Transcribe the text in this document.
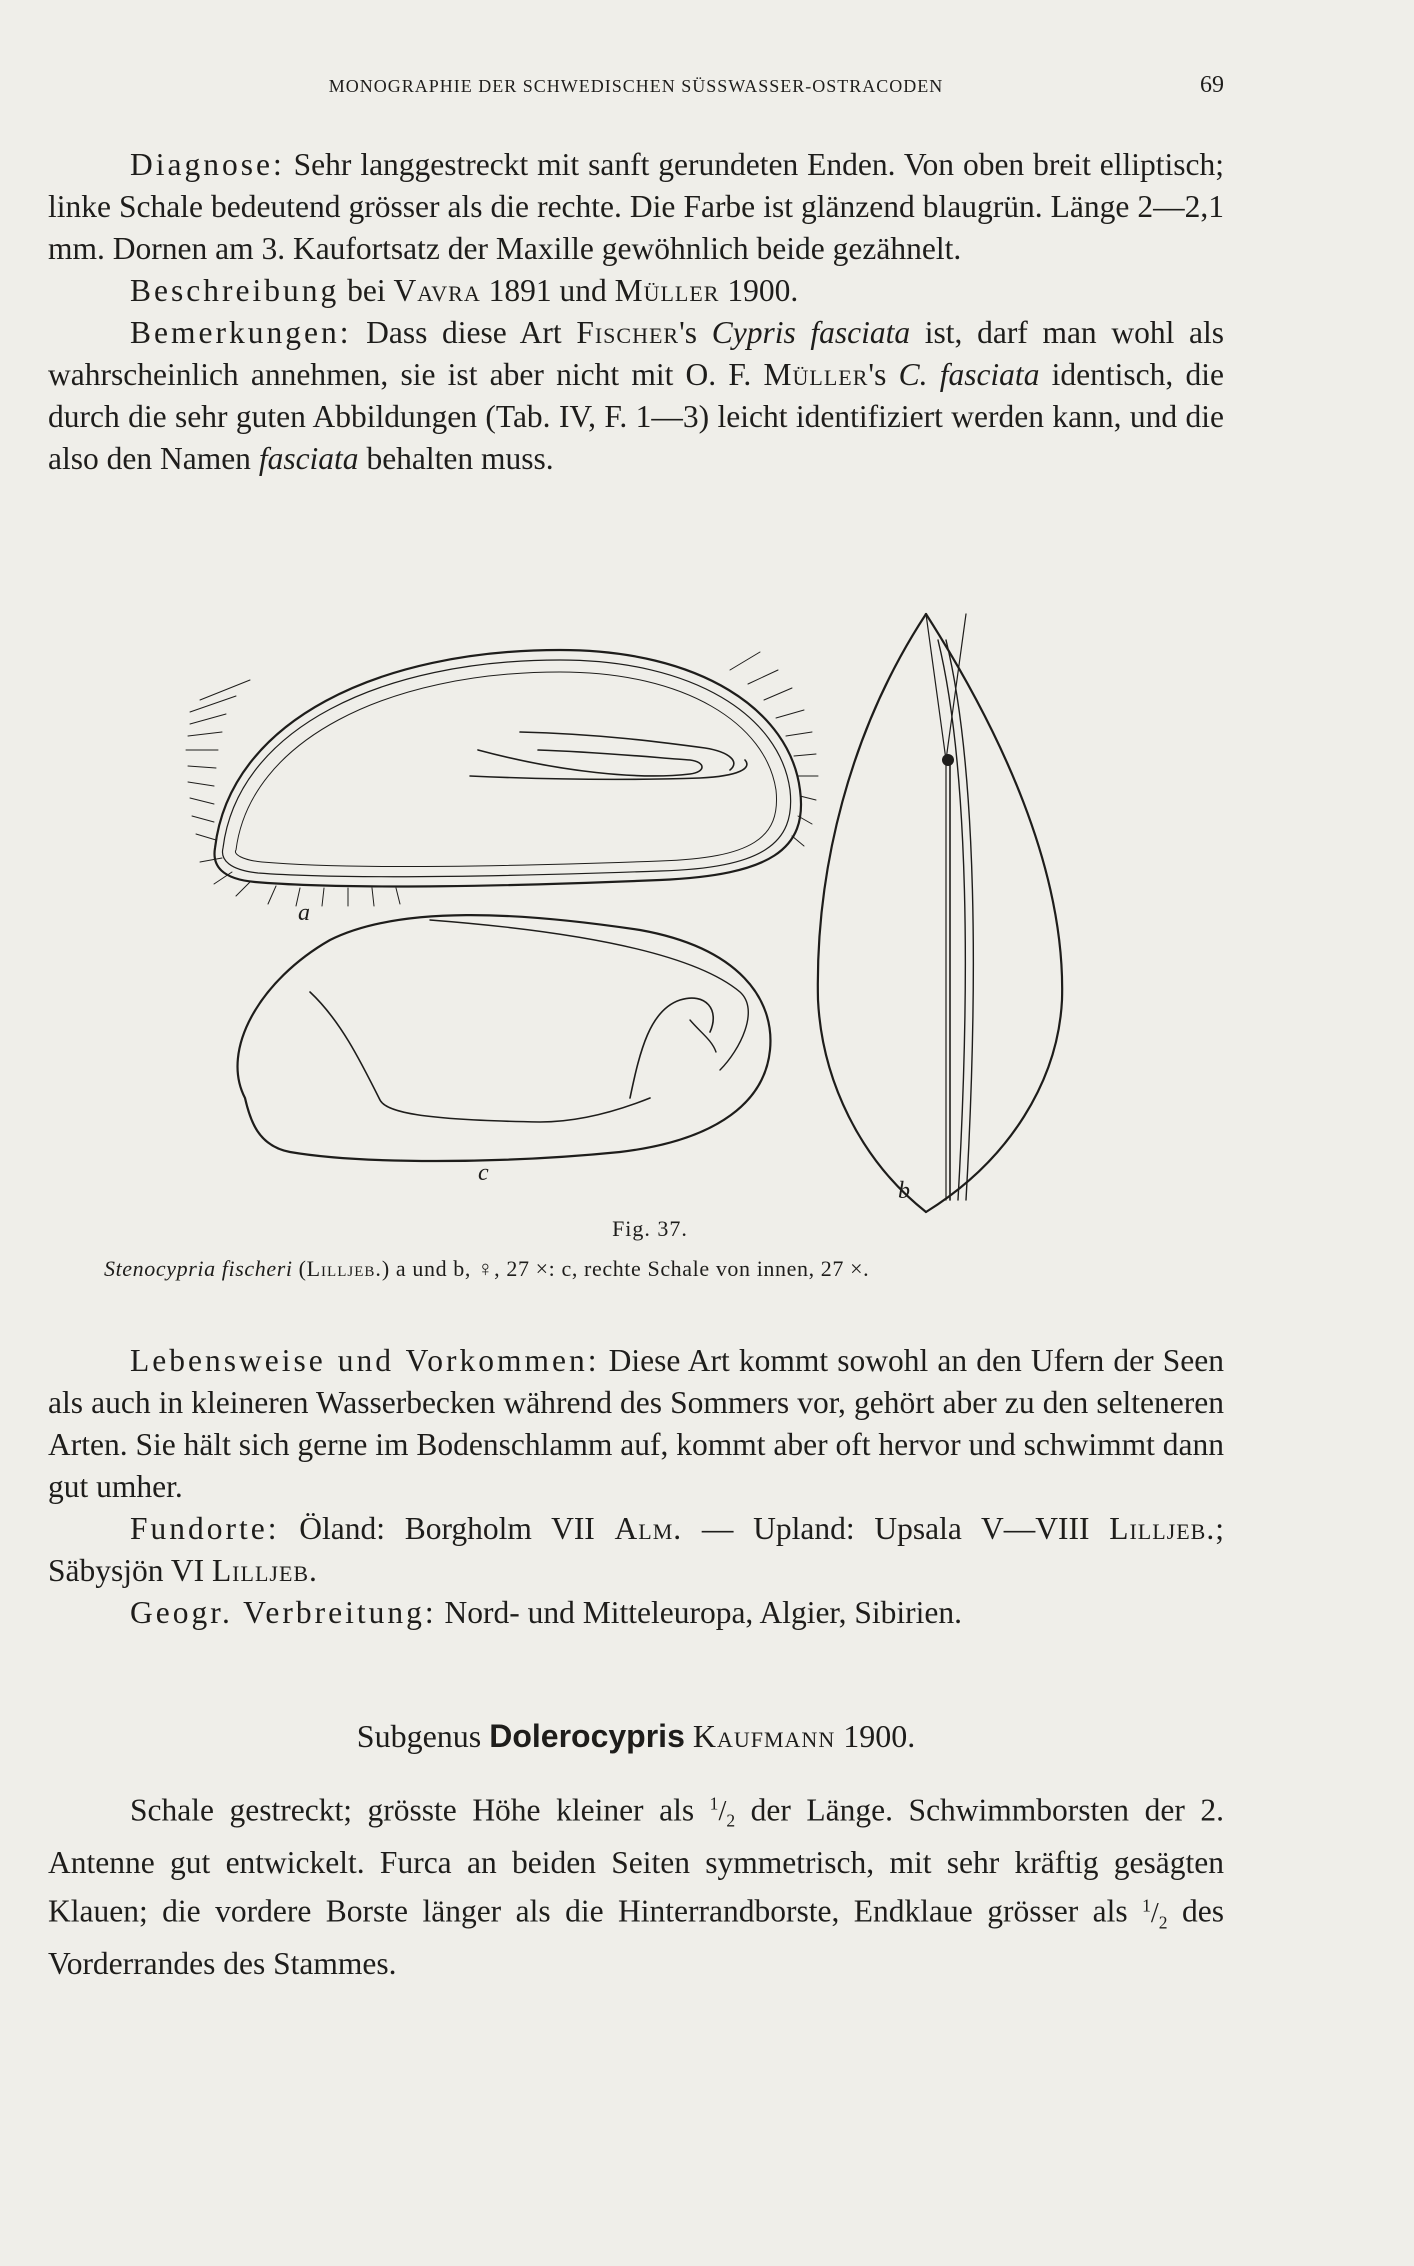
MONOGRAPHIE DER SCHWEDISCHEN SÜSSWASSER-OSTRACODEN	69

Diagnose: Sehr langgestreckt mit sanft gerundeten Enden. Von oben breit elliptisch; linke Schale bedeutend grösser als die rechte. Die Farbe ist glänzend blaugrün. Länge 2—2,1 mm. Dornen am 3. Kaufortsatz der Maxille gewöhnlich beide gezähnelt.

Beschreibung bei Vavra 1891 und Müller 1900.

Bemerkungen: Dass diese Art Fischer's Cypris fasciata ist, darf man wohl als wahrscheinlich annehmen, sie ist aber nicht mit O. F. Müller's C. fasciata identisch, die durch die sehr guten Abbildungen (Tab. IV, F. 1—3) leicht identifiziert werden kann, und die also den Namen fasciata behalten muss.

a
b
c
Fig. 37.
Stenocypria fischeri (Lilljeb.) a und b, ♀, 27 ×: c, rechte Schale von innen, 27 ×.

Lebensweise und Vorkommen: Diese Art kommt sowohl an den Ufern der Seen als auch in kleineren Wasserbecken während des Sommers vor, gehört aber zu den selteneren Arten. Sie hält sich gerne im Bodenschlamm auf, kommt aber oft hervor und schwimmt dann gut umher.

Fundorte: Öland: Borgholm VII Alm. — Upland: Upsala V—VIII Lilljeb.; Säbysjön VI Lilljeb.

Geogr. Verbreitung: Nord- und Mitteleuropa, Algier, Sibirien.

Subgenus Dolerocypris Kaufmann 1900.

Schale gestreckt; grösste Höhe kleiner als $^1/_2$ der Länge. Schwimmborsten der 2. Antenne gut entwickelt. Furca an beiden Seiten symmetrisch, mit sehr kräftig gesägten Klauen; die vordere Borste länger als die Hinterrandborste, Endklaue grösser als $^1/_2$ des Vorderrandes des Stammes.
